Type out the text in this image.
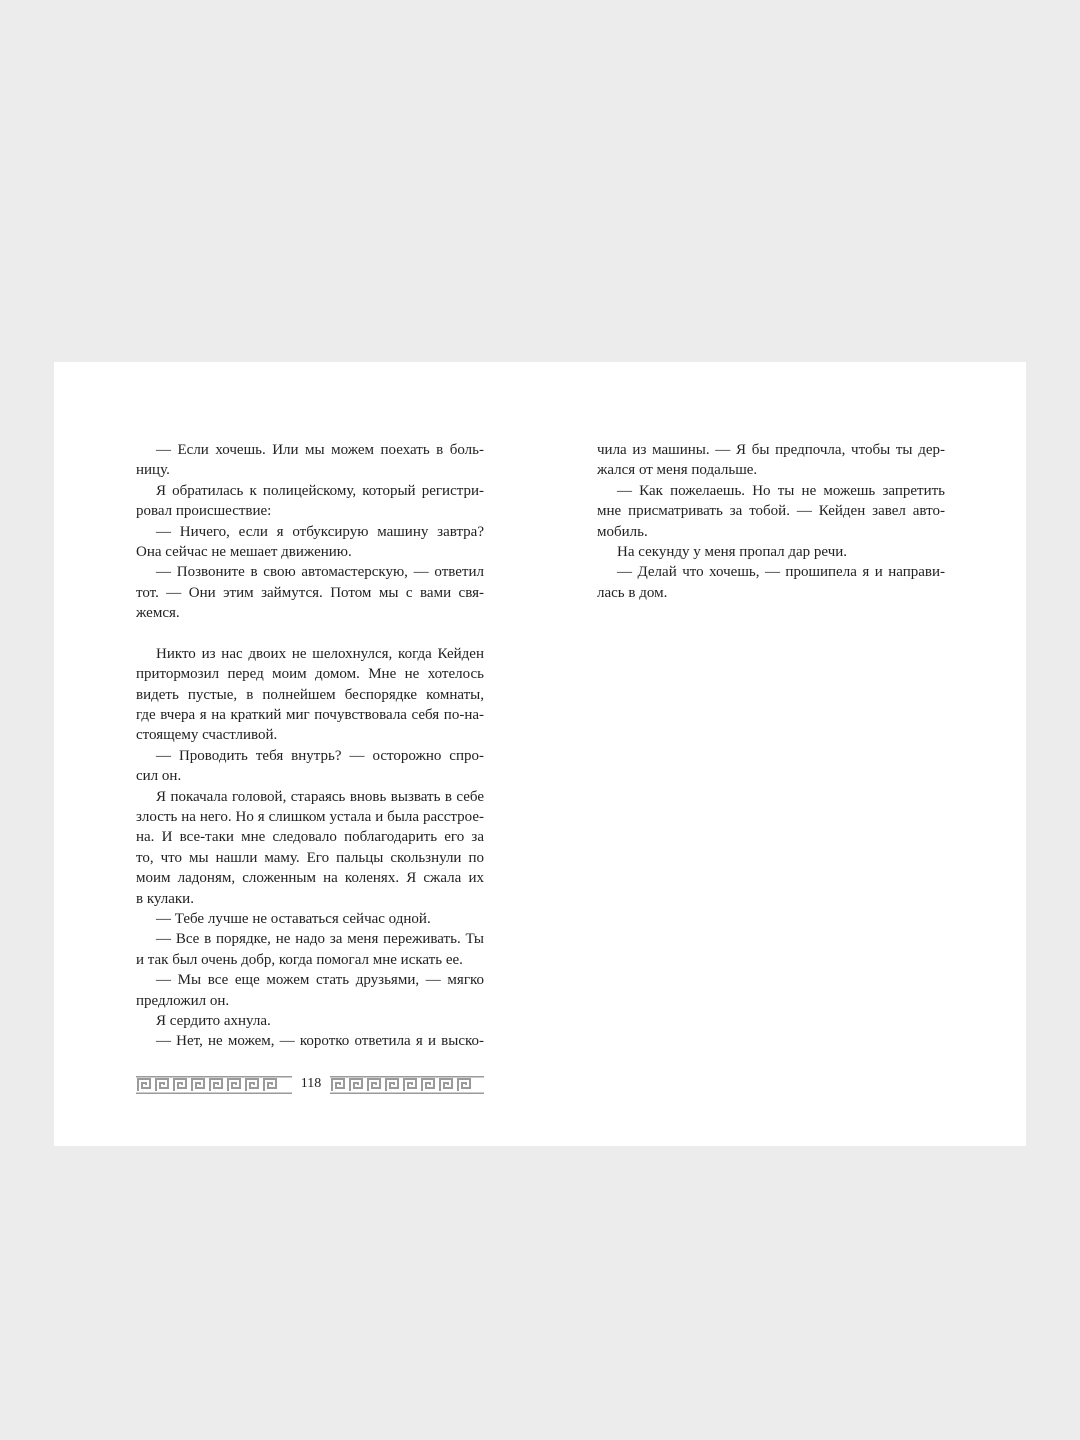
— Если хочешь. Или мы можем поехать в боль-
ницу.
Я обратилась к полицейскому, который регистри-
ровал происшествие:
— Ничего, если я отбуксирую машину завтра?
Она сейчас не мешает движению.
— Позвоните в свою автомастерскую, — ответил
тот. — Они этим займутся. Потом мы с вами свя-
жемся.
Никто из нас двоих не шелохнулся, когда Кейден
притормозил перед моим домом. Мне не хотелось
видеть пустые, в полнейшем беспорядке комнаты,
где вчера я на краткий миг почувствовала себя по-на-
стоящему счастливой.
— Проводить тебя внутрь? — осторожно спро-
сил он.
Я покачала головой, стараясь вновь вызвать в себе
злость на него. Но я слишком устала и была расстрое-
на. И все-таки мне следовало поблагодарить его за
то, что мы нашли маму. Его пальцы скользнули по
моим ладоням, сложенным на коленях. Я сжала их
в кулаки.
— Тебе лучше не оставаться сейчас одной.
— Все в порядке, не надо за меня переживать. Ты
и так был очень добр, когда помогал мне искать ее.
— Мы все еще можем стать друзьями, — мягко
предложил он.
Я сердито ахнула.
— Нет, не можем, — коротко ответила я и выско-
чила из машины. — Я бы предпочла, чтобы ты дер-
жался от меня подальше.
— Как пожелаешь. Но ты не можешь запретить
мне присматривать за тобой. — Кейден завел авто-
мобиль.
На секунду у меня пропал дар речи.
— Делай что хочешь, — прошипела я и направи-
лась в дом.
118
